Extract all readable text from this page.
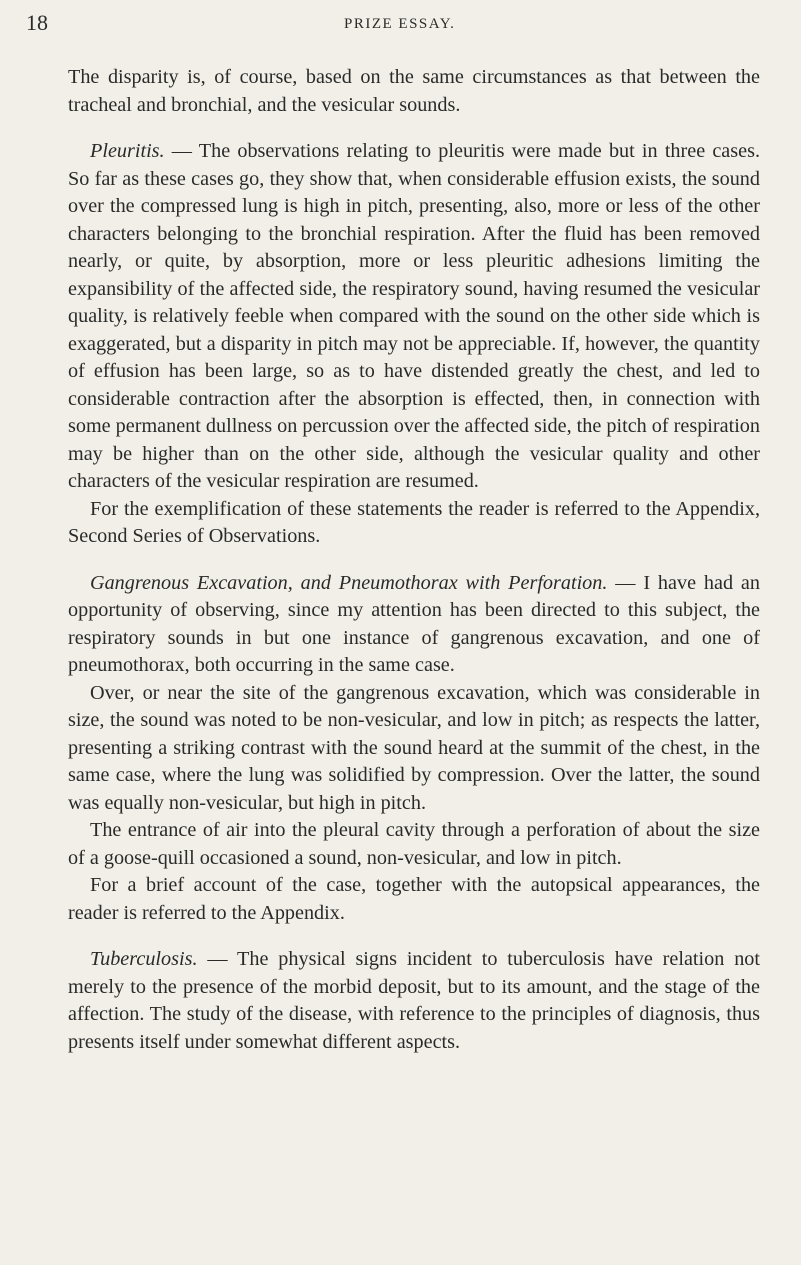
18	PRIZE ESSAY.

The disparity is, of course, based on the same circumstances as that between the tracheal and bronchial, and the vesicular sounds.

Pleuritis. — The observations relating to pleuritis were made but in three cases. So far as these cases go, they show that, when considerable effusion exists, the sound over the compressed lung is high in pitch, presenting, also, more or less of the other characters belonging to the bronchial respiration. After the fluid has been removed nearly, or quite, by absorption, more or less pleuritic adhesions limiting the expansibility of the affected side, the respiratory sound, having resumed the vesicular quality, is relatively feeble when compared with the sound on the other side which is exaggerated, but a disparity in pitch may not be appreciable. If, however, the quantity of effusion has been large, so as to have distended greatly the chest, and led to considerable contraction after the absorption is effected, then, in connection with some permanent dullness on percussion over the affected side, the pitch of respiration may be higher than on the other side, although the vesicular quality and other characters of the vesicular respiration are resumed.

For the exemplification of these statements the reader is referred to the Appendix, Second Series of Observations.

Gangrenous Excavation, and Pneumothorax with Perforation. — I have had an opportunity of observing, since my attention has been directed to this subject, the respiratory sounds in but one instance of gangrenous excavation, and one of pneumothorax, both occurring in the same case.

Over, or near the site of the gangrenous excavation, which was considerable in size, the sound was noted to be non-vesicular, and low in pitch; as respects the latter, presenting a striking contrast with the sound heard at the summit of the chest, in the same case, where the lung was solidified by compression. Over the latter, the sound was equally non-vesicular, but high in pitch.

The entrance of air into the pleural cavity through a perforation of about the size of a goose-quill occasioned a sound, non-vesicular, and low in pitch.

For a brief account of the case, together with the autopsical appearances, the reader is referred to the Appendix.

Tuberculosis. — The physical signs incident to tuberculosis have relation not merely to the presence of the morbid deposit, but to its amount, and the stage of the affection. The study of the disease, with reference to the principles of diagnosis, thus presents itself under somewhat different aspects.
